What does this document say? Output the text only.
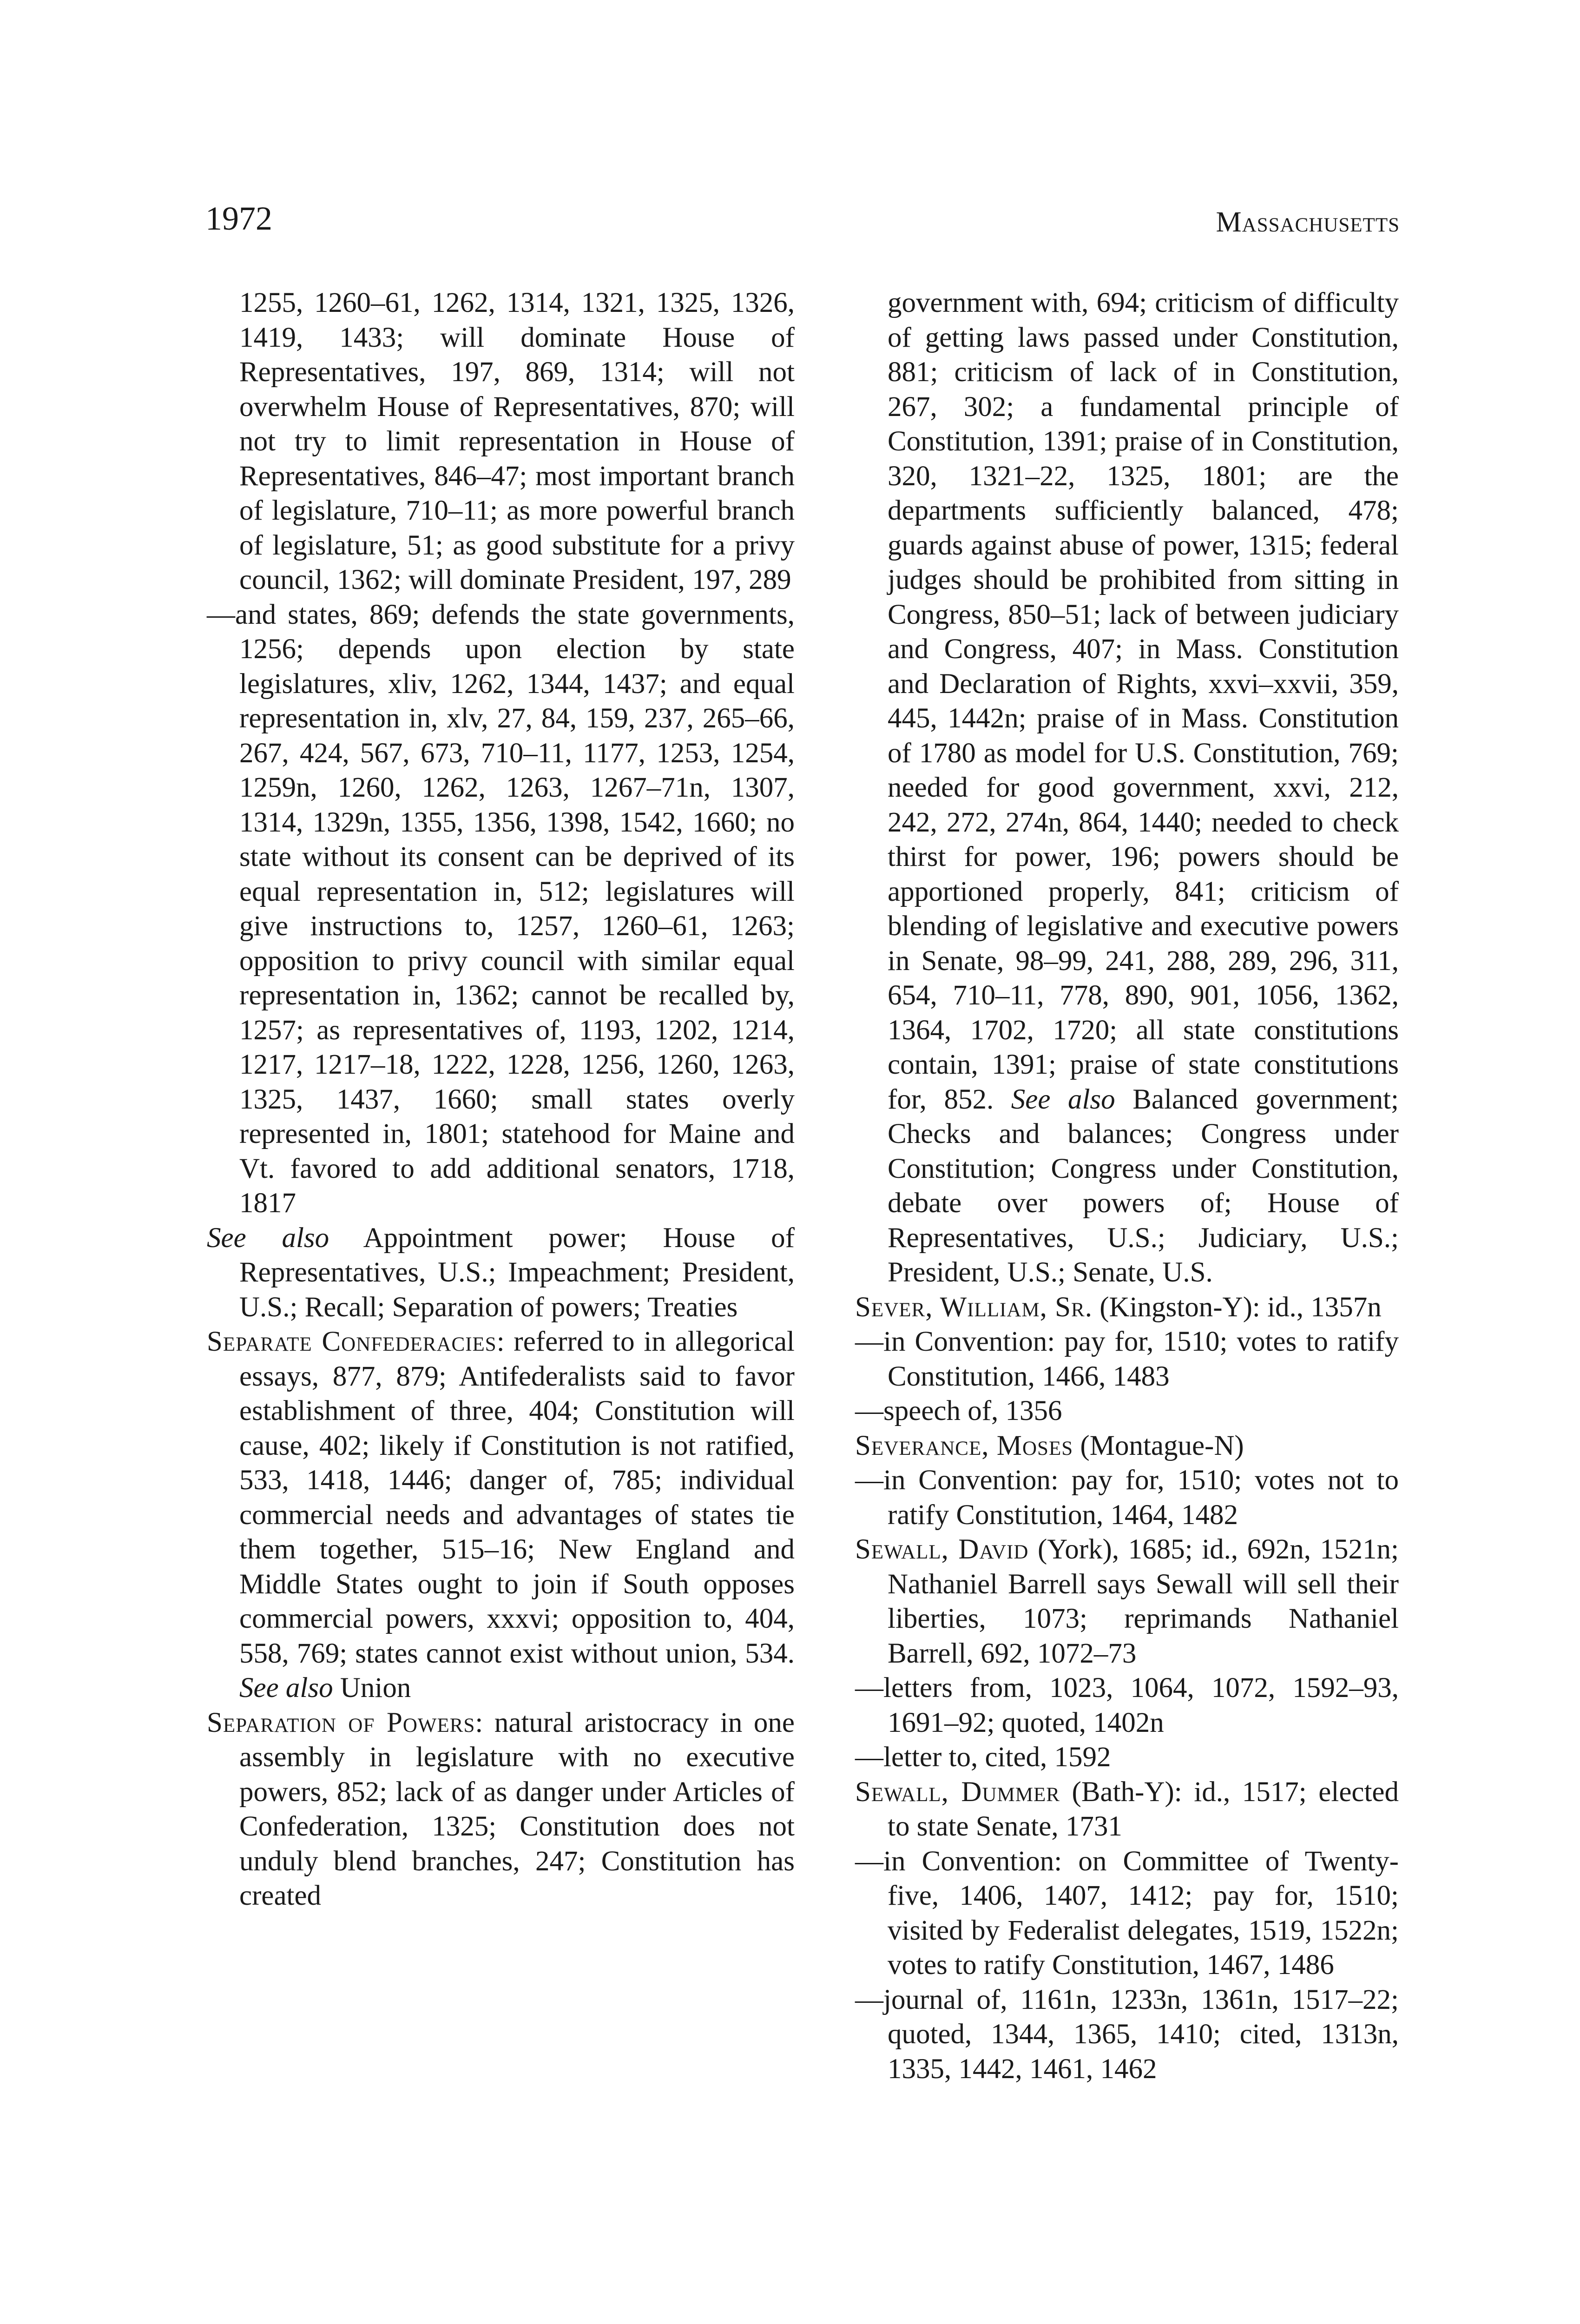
1972	Massachusetts

1255, 1260–61, 1262, 1314, 1321, 1325, 1326, 1419, 1433; will dominate House of Representatives, 197, 869, 1314; will not overwhelm House of Representatives, 870; will not try to limit representation in House of Representatives, 846–47; most important branch of legislature, 710–11; as more powerful branch of legislature, 51; as good substitute for a privy council, 1362; will dominate President, 197, 289

—and states, 869; defends the state governments, 1256; depends upon election by state legislatures, xliv, 1262, 1344, 1437; and equal representation in, xlv, 27, 84, 159, 237, 265–66, 267, 424, 567, 673, 710–11, 1177, 1253, 1254, 1259n, 1260, 1262, 1263, 1267–71n, 1307, 1314, 1329n, 1355, 1356, 1398, 1542, 1660; no state without its consent can be deprived of its equal representation in, 512; legislatures will give instructions to, 1257, 1260–61, 1263; opposition to privy council with similar equal representation in, 1362; cannot be recalled by, 1257; as representatives of, 1193, 1202, 1214, 1217, 1217–18, 1222, 1228, 1256, 1260, 1263, 1325, 1437, 1660; small states overly represented in, 1801; statehood for Maine and Vt. favored to add additional senators, 1718, 1817

See also Appointment power; House of Representatives, U.S.; Impeachment; President, U.S.; Recall; Separation of powers; Treaties

Separate Confederacies: referred to in allegorical essays, 877, 879; Antifederalists said to favor establishment of three, 404; Constitution will cause, 402; likely if Constitution is not ratified, 533, 1418, 1446; danger of, 785; individual commercial needs and advantages of states tie them together, 515–16; New England and Middle States ought to join if South opposes commercial powers, xxxvi; opposition to, 404, 558, 769; states cannot exist without union, 534. See also Union

Separation of Powers: natural aristocracy in one assembly in legislature with no executive powers, 852; lack of as danger under Articles of Confederation, 1325; Constitution does not unduly blend branches, 247; Constitution has created

government with, 694; criticism of difficulty of getting laws passed under Constitution, 881; criticism of lack of in Constitution, 267, 302; a fundamental principle of Constitution, 1391; praise of in Constitution, 320, 1321–22, 1325, 1801; are the departments sufficiently balanced, 478; guards against abuse of power, 1315; federal judges should be prohibited from sitting in Congress, 850–51; lack of between judiciary and Congress, 407; in Mass. Constitution and Declaration of Rights, xxvi–xxvii, 359, 445, 1442n; praise of in Mass. Constitution of 1780 as model for U.S. Constitution, 769; needed for good government, xxvi, 212, 242, 272, 274n, 864, 1440; needed to check thirst for power, 196; powers should be apportioned properly, 841; criticism of blending of legislative and executive powers in Senate, 98–99, 241, 288, 289, 296, 311, 654, 710–11, 778, 890, 901, 1056, 1362, 1364, 1702, 1720; all state constitutions contain, 1391; praise of state constitutions for, 852. See also Balanced government; Checks and balances; Congress under Constitution; Congress under Constitution, debate over powers of; House of Representatives, U.S.; Judiciary, U.S.; President, U.S.; Senate, U.S.

Sever, William, Sr. (Kingston-Y): id., 1357n

—in Convention: pay for, 1510; votes to ratify Constitution, 1466, 1483

—speech of, 1356

Severance, Moses (Montague-N)

—in Convention: pay for, 1510; votes not to ratify Constitution, 1464, 1482

Sewall, David (York), 1685; id., 692n, 1521n; Nathaniel Barrell says Sewall will sell their liberties, 1073; reprimands Nathaniel Barrell, 692, 1072–73

—letters from, 1023, 1064, 1072, 1592–93, 1691–92; quoted, 1402n

—letter to, cited, 1592

Sewall, Dummer (Bath-Y): id., 1517; elected to state Senate, 1731

—in Convention: on Committee of Twenty-five, 1406, 1407, 1412; pay for, 1510; visited by Federalist delegates, 1519, 1522n; votes to ratify Constitution, 1467, 1486

—journal of, 1161n, 1233n, 1361n, 1517–22; quoted, 1344, 1365, 1410; cited, 1313n, 1335, 1442, 1461, 1462
